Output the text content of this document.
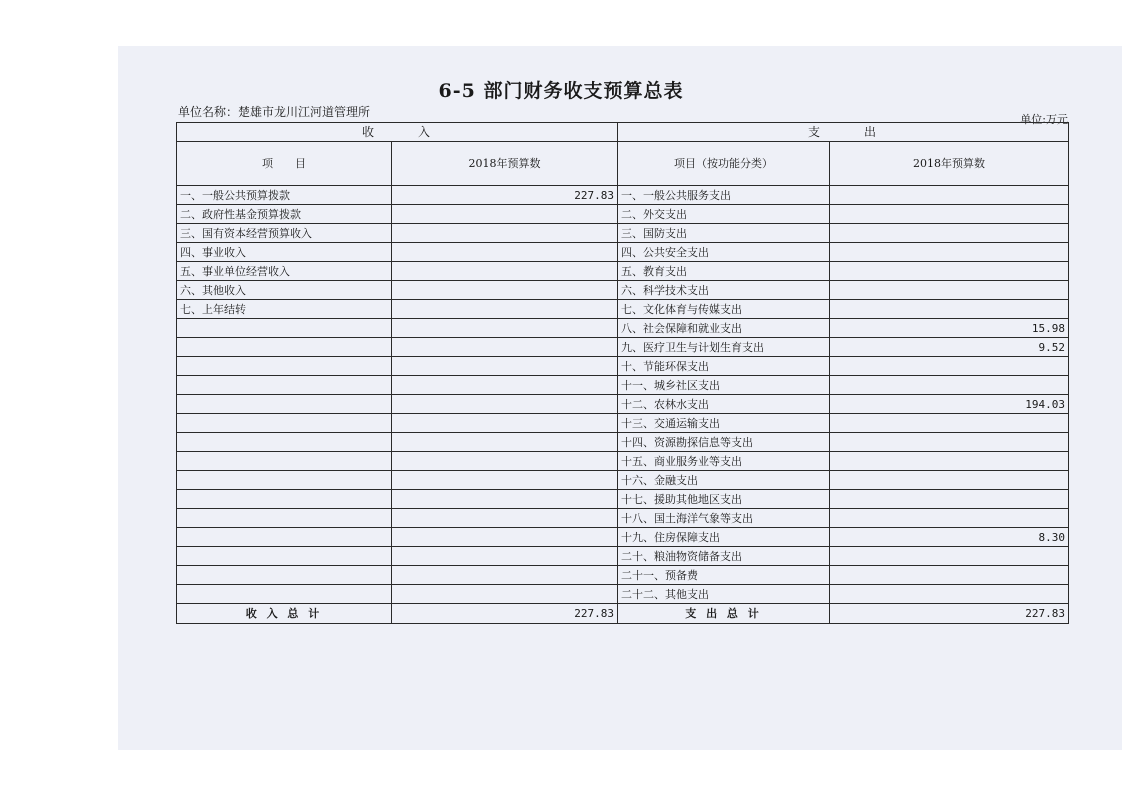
6-5 部门财务收支预算总表
单位名称：楚雄市龙川江河道管理所
单位:万元
收　　　入		支　　　出	
项　　目	2018年预算数	项目（按功能分类）	2018年预算数
一、一般公共预算拨款	227.83	一、一般公共服务支出	
二、政府性基金预算拨款		二、外交支出	
三、国有资本经营预算收入		三、国防支出	
四、事业收入		四、公共安全支出	
五、事业单位经营收入		五、教育支出	
六、其他收入		六、科学技术支出	
七、上年结转		七、文化体育与传媒支出	
		八、社会保障和就业支出	15.98
		九、医疗卫生与计划生育支出	9.52
		十、节能环保支出	
		十一、城乡社区支出	
		十二、农林水支出	194.03
		十三、交通运输支出	
		十四、资源勘探信息等支出	
		十五、商业服务业等支出	
		十六、金融支出	
		十七、援助其他地区支出	
		十八、国土海洋气象等支出	
		十九、住房保障支出	8.30
		二十、粮油物资储备支出	
		二十一、预备费	
		二十二、其他支出	
收 入 总 计	227.83	支 出 总 计	227.83
